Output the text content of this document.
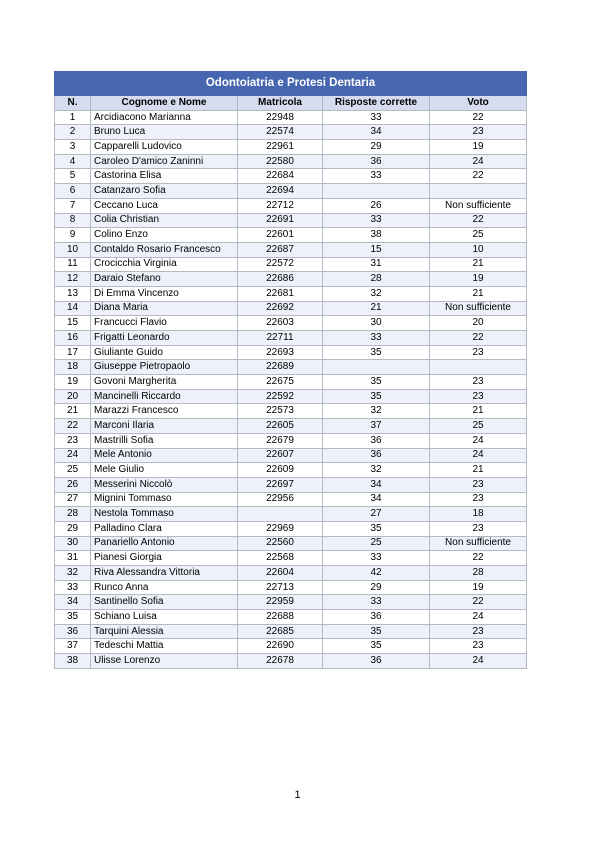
Odontoiatria e Protesi Dentaria				
N.	Cognome e Nome	Matricola	Risposte corrette	Voto
1	Arcidiacono Marianna	22948	33	22
2	Bruno Luca	22574	34	23
3	Capparelli Ludovico	22961	29	19
4	Caroleo D'amico Zaninni	22580	36	24
5	Castorina Elisa	22684	33	22
6	Catanzaro Sofia	22694		
7	Ceccano Luca	22712	26	Non sufficiente
8	Colia Christian	22691	33	22
9	Colino Enzo	22601	38	25
10	Contaldo Rosario Francesco	22687	15	10
11	Crocicchia Virginia	22572	31	21
12	Daraio Stefano	22686	28	19
13	Di Emma Vincenzo	22681	32	21
14	Diana Maria	22692	21	Non sufficiente
15	Francucci Flavio	22603	30	20
16	Frigatti Leonardo	22711	33	22
17	Giuliante Guido	22693	35	23
18	Giuseppe Pietropaolo	22689		
19	Govoni Margherita	22675	35	23
20	Mancinelli Riccardo	22592	35	23
21	Marazzi Francesco	22573	32	21
22	Marconi Ilaria	22605	37	25
23	Mastrilli Sofia	22679	36	24
24	Mele Antonio	22607	36	24
25	Mele Giulio	22609	32	21
26	Messerini Niccolò	22697	34	23
27	Mignini Tommaso	22956	34	23
28	Nestola Tommaso		27	18
29	Palladino Clara	22969	35	23
30	Panariello Antonio	22560	25	Non sufficiente
31	Pianesi Giorgia	22568	33	22
32	Riva Alessandra Vittoria	22604	42	28
33	Runco Anna	22713	29	19
34	Santinello Sofia	22959	33	22
35	Schiano Luisa	22688	36	24
36	Tarquini Alessia	22685	35	23
37	Tedeschi Mattia	22690	35	23
38	Ulisse Lorenzo	22678	36	24
1
